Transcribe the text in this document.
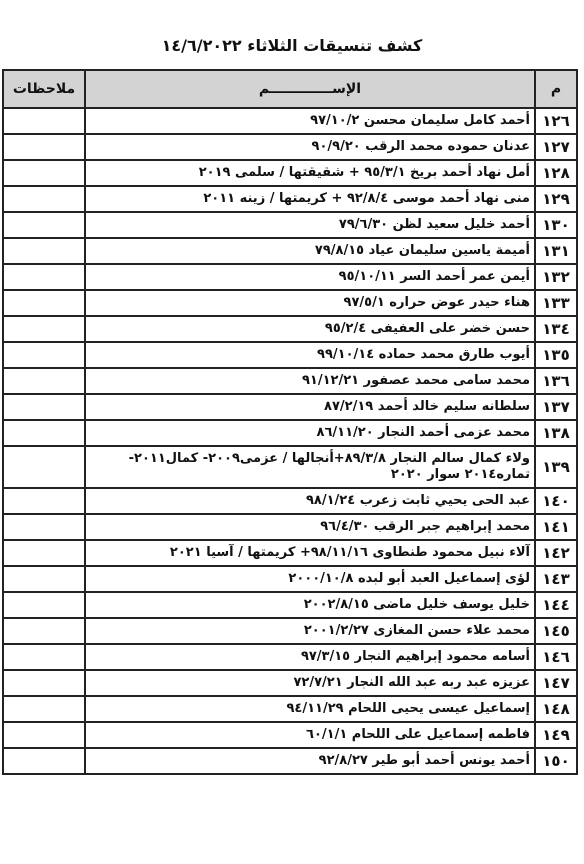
كشف تنسيقات الثلاثاء ١٤/٦/٢٠٢٢
م	الإســـــــــــــم	ملاحظات
١٢٦	أحمد كامل سليمان محسن ٩٧/١٠/٢	
١٢٧	عدنان حموده محمد الرقب ٩٠/٩/٢٠	
١٢٨	أمل نهاد أحمد بريخ ٩٥/٣/١ + شقيقتها / سلمى ٢٠١٩	
١٢٩	منى نهاد أحمد موسى ٩٢/٨/٤ + كريمتها / زينه ٢٠١١	
١٣٠	أحمد خليل سعيد لظن ٧٩/٦/٣٠	
١٣١	أميمة ياسين سليمان عياد ٧٩/٨/١٥	
١٣٢	أيمن عمر أحمد السر ٩٥/١٠/١١	
١٣٣	هناء حيدر عوض حراره ٩٧/٥/١	
١٣٤	حسن خضر على العفيفى ٩٥/٢/٤	
١٣٥	أيوب طارق محمد حماده ٩٩/١٠/١٤	
١٣٦	محمد سامى محمد عصفور ٩١/١٢/٢١	
١٣٧	سلطانه سليم خالد أحمد ٨٧/٢/١٩	
١٣٨	محمد عزمى أحمد النجار ٨٦/١١/٢٠	
١٣٩	ولاء كمال سالم النجار ٨٩/٣/٨+أنجالها / عزمى٢٠٠٩- كمال٢٠١١- تماره٢٠١٤ سوار ٢٠٢٠	
١٤٠	عبد الحى يحيي ثابت زعرب ٩٨/١/٢٤	
١٤١	محمد إبراهيم جبر الرقب ٩٦/٤/٣٠	
١٤٢	آلاء نبيل محمود طنطاوى ٩٨/١١/١٦+ كريمتها / آسيا ٢٠٢١	
١٤٣	لؤى إسماعيل العبد أبو لبده ٢٠٠٠/١٠/٨	
١٤٤	خليل يوسف خليل ماضى ٢٠٠٢/٨/١٥	
١٤٥	محمد علاء حسن المغازى ٢٠٠١/٢/٢٧	
١٤٦	أسامه محمود إبراهيم النجار ٩٧/٣/١٥	
١٤٧	عزيزه عبد ربه عبد الله النجار ٧٢/٧/٢١	
١٤٨	إسماعيل عيسى يحيى اللحام ٩٤/١١/٢٩	
١٤٩	فاطمه إسماعيل على اللحام ٦٠/١/١	
١٥٠	أحمد يونس أحمد أبو طير ٩٢/٨/٢٧	
